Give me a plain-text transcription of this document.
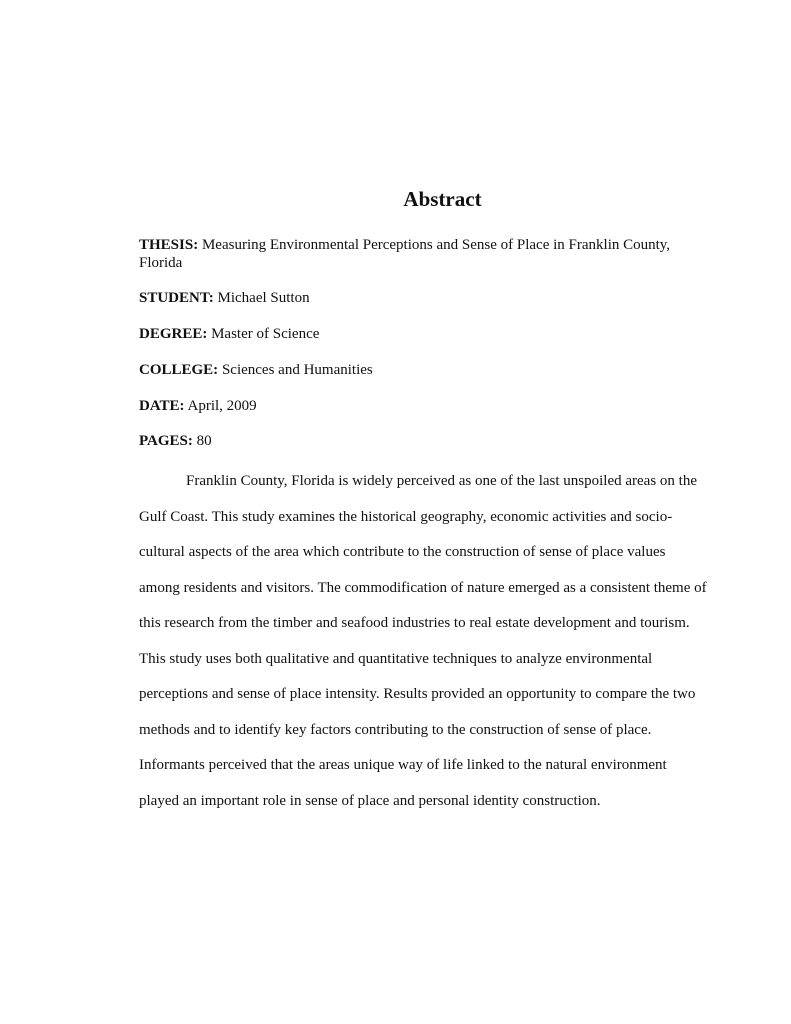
Abstract

THESIS: Measuring Environmental Perceptions and Sense of Place in Franklin County, Florida

STUDENT: Michael Sutton

DEGREE: Master of Science

COLLEGE: Sciences and Humanities

DATE: April, 2009

PAGES: 80

Franklin County, Florida is widely perceived as one of the last unspoiled areas on the Gulf Coast. This study examines the historical geography, economic activities and socio-cultural aspects of the area which contribute to the construction of sense of place values among residents and visitors. The commodification of nature emerged as a consistent theme of this research from the timber and seafood industries to real estate development and tourism. This study uses both qualitative and quantitative techniques to analyze environmental perceptions and sense of place intensity. Results provided an opportunity to compare the two methods and to identify key factors contributing to the construction of sense of place. Informants perceived that the areas unique way of life linked to the natural environment played an important role in sense of place and personal identity construction.
